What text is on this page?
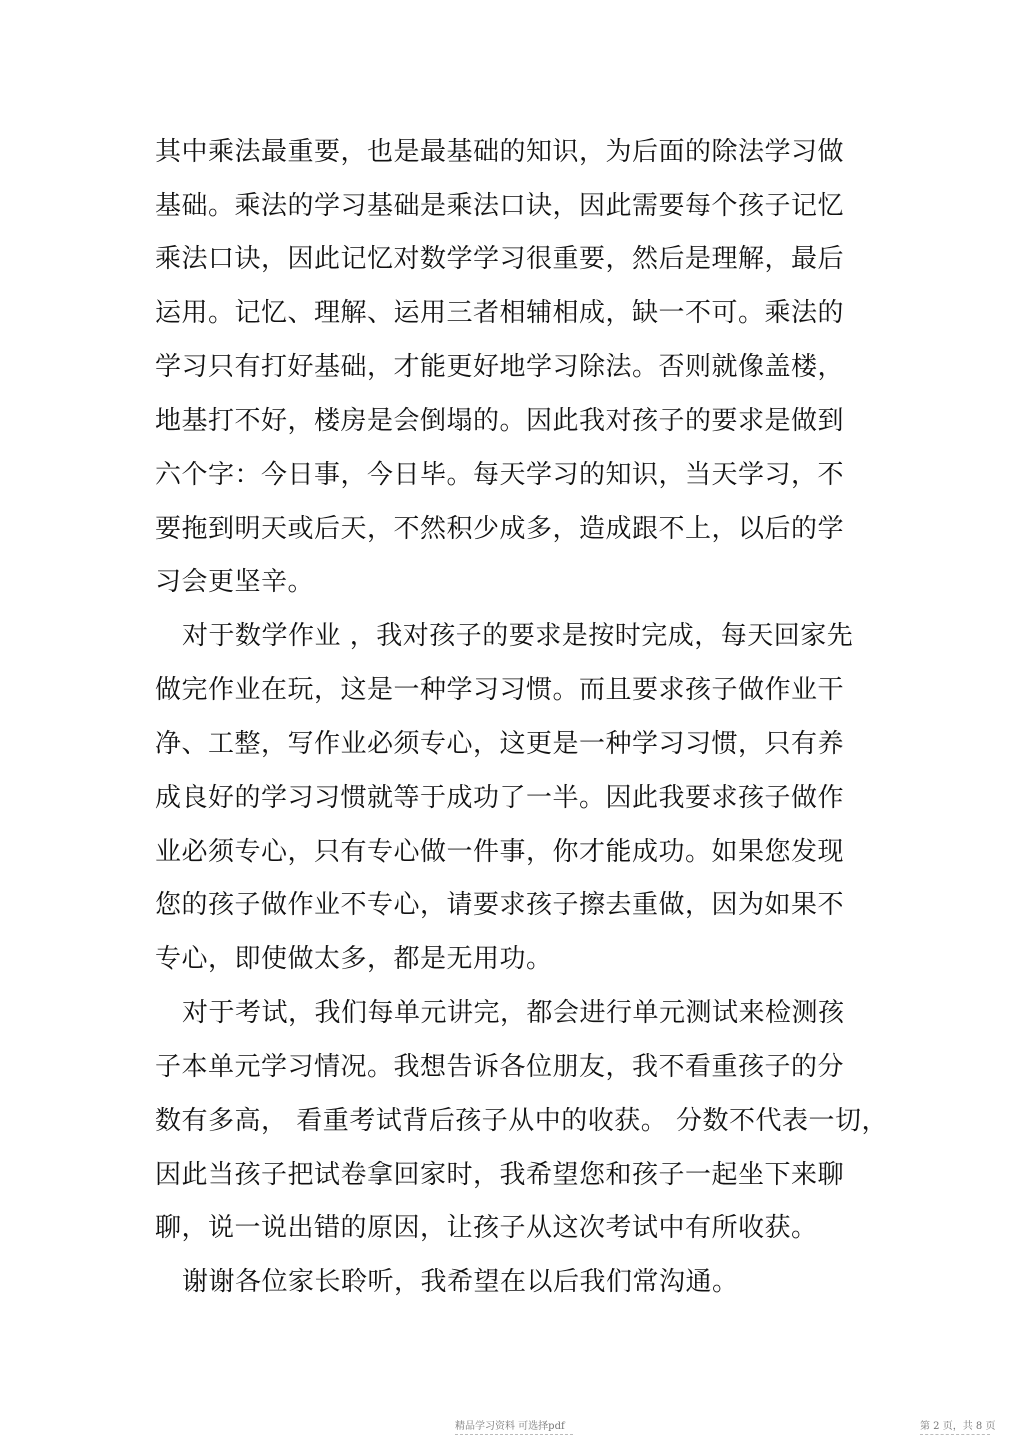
其中乘法最重要，也是最基础的知识，为后面的除法学习做
基础。乘法的学习基础是乘法口诀，因此需要每个孩子记忆
乘法口诀，因此记忆对数学学习很重要，然后是理解，最后
运用。记忆、理解、运用三者相辅相成，缺一不可。乘法的
学习只有打好基础，才能更好地学习除法。否则就像盖楼，
地基打不好，楼房是会倒塌的。因此我对孩子的要求是做到
六个字：今日事，今日毕。每天学习的知识，当天学习，不
要拖到明天或后天，不然积少成多，造成跟不上，以后的学
习会更坚辛。
对于数学作业 ，我对孩子的要求是按时完成，每天回家先
做完作业在玩，这是一种学习习惯。而且要求孩子做作业干
净、工整，写作业必须专心，这更是一种学习习惯，只有养
成良好的学习习惯就等于成功了一半。因此我要求孩子做作
业必须专心，只有专心做一件事，你才能成功。如果您发现
您的孩子做作业不专心，请要求孩子擦去重做，因为如果不
专心，即使做太多，都是无用功。
对于考试，我们每单元讲完，都会进行单元测试来检测孩
子本单元学习情况。我想告诉各位朋友，我不看重孩子的分
数有多高， 看重考试背后孩子从中的收获。 分数不代表一切，
因此当孩子把试卷拿回家时，我希望您和孩子一起坐下来聊
聊，说一说出错的原因，让孩子从这次考试中有所收获。
谢谢各位家长聆听，我希望在以后我们常沟通。
精品学习资料 可选择pdf	第 2 页，共 8 页
